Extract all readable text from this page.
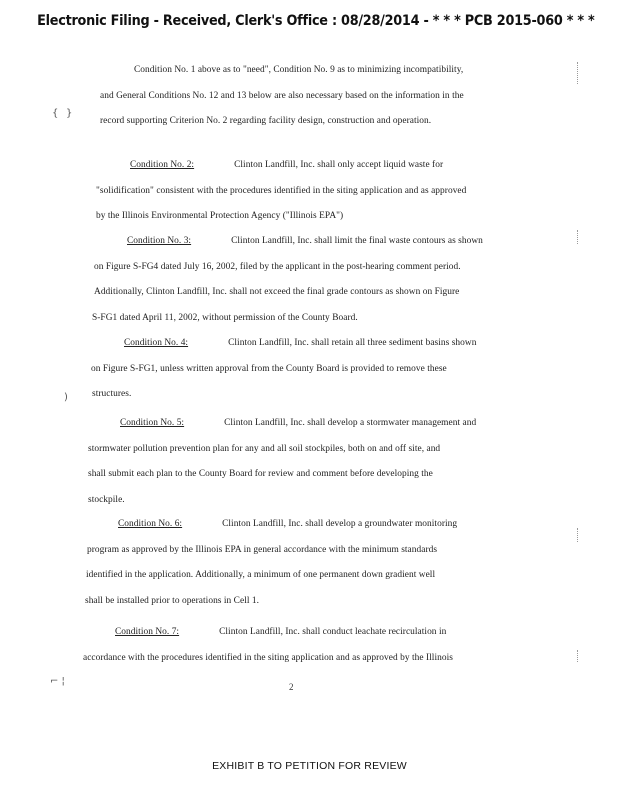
Electronic Filing - Received, Clerk's Office : 08/28/2014 - * * * PCB 2015-060 * * *
Condition No. 1 above as to "need", Condition No. 9 as to minimizing incompatibility,
and General Conditions No. 12 and 13 below are also necessary based on the information in the
record supporting Criterion No. 2 regarding facility design, construction and operation.
Condition No. 2:	Clinton Landfill, Inc. shall only accept liquid waste for
"solidification" consistent with the procedures identified in the siting application and as approved
by the Illinois Environmental Protection Agency ("Illinois EPA")
Condition No. 3:	Clinton Landfill, Inc. shall limit the final waste contours as shown
on Figure S-FG4 dated July 16, 2002, filed by the applicant in the post-hearing comment period.
Additionally, Clinton Landfill, Inc. shall not exceed the final grade contours as shown on Figure
S-FG1 dated April 11, 2002, without permission of the County Board.
Condition No. 4:	Clinton Landfill, Inc. shall retain all three sediment basins shown
on Figure S-FG1, unless written approval from the County Board is provided to remove these
structures.
Condition No. 5:	Clinton Landfill, Inc. shall develop a stormwater management and
stormwater pollution prevention plan for any and all soil stockpiles, both on and off site, and
shall submit each plan to the County Board for review and comment before developing the
stockpile.
Condition No. 6:	Clinton Landfill, Inc. shall develop a groundwater monitoring
program as approved by the Illinois EPA in general accordance with the minimum standards
identified in the application. Additionally, a minimum of one permanent down gradient well
shall be installed prior to operations in Cell 1.
Condition No. 7:	Clinton Landfill, Inc. shall conduct leachate recirculation in
accordance with the procedures identified in the siting application and as approved by the Illinois
2
EXHIBIT B TO PETITION FOR REVIEW
{ }
)
⌐ ¦
